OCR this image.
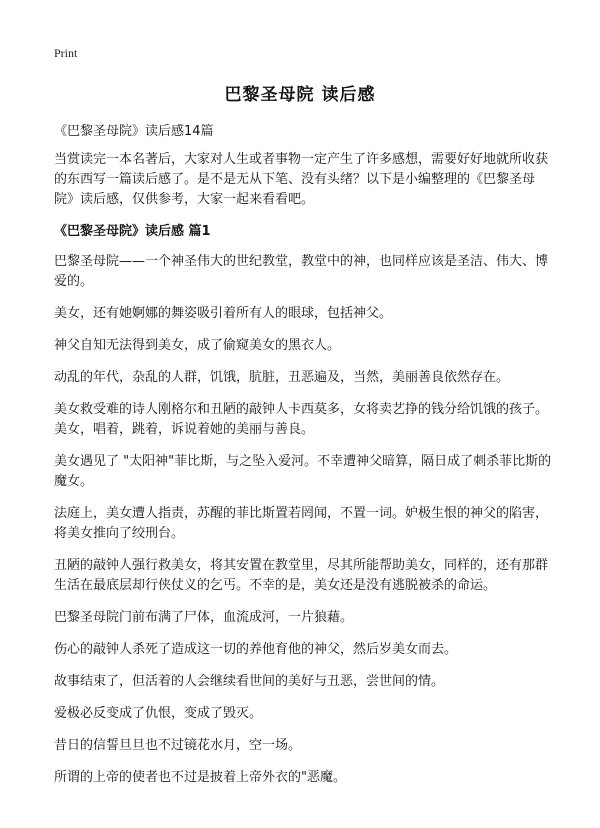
Print
巴黎圣母院 读后感
《巴黎圣母院》读后感14篇

当赏读完一本名著后，大家对人生或者事物一定产生了许多感想，需要好好地就所收获的东西写一篇读后感了。是不是无从下笔、没有头绪？以下是小编整理的《巴黎圣母院》读后感，仅供参考，大家一起来看看吧。

《巴黎圣母院》读后感 篇1

巴黎圣母院——一个神圣伟大的世纪教堂，教堂中的神，也同样应该是圣洁、伟大、博爱的。

美女，还有她婀娜的舞姿吸引着所有人的眼球，包括神父。

神父自知无法得到美女，成了偷窥美女的黑衣人。

动乱的年代，杂乱的人群，饥饿，肮脏，丑恶遍及，当然，美丽善良依然存在。

美女救受难的诗人刚格尔和丑陋的敲钟人卡西莫多，女将卖艺挣的钱分给饥饿的孩子。美女，唱着，跳着，诉说着她的美丽与善良。

美女遇见了 "太阳神"菲比斯，与之坠入爱河。不幸遭神父暗算，隔日成了刺杀菲比斯的魔女。

法庭上，美女遭人指责，苏醒的菲比斯置若罔闻，不置一词。妒极生恨的神父的陷害，将美女推向了绞刑台。

丑陋的敲钟人强行救美女，将其安置在教堂里，尽其所能帮助美女，同样的，还有那群生活在最底层却行侠仗义的乞丐。不幸的是，美女还是没有逃脱被杀的命运。

巴黎圣母院门前布满了尸体，血流成河，一片狼藉。

伤心的敲钟人杀死了造成这一切的养他育他的神父，然后岁美女而去。

故事结束了，但活着的人会继续看世间的美好与丑恶，尝世间的情。

爱极必反变成了仇恨，变成了毁灭。

昔日的信誓旦旦也不过镜花水月，空一场。

所谓的上帝的使者也不过是披着上帝外衣的"恶魔。
